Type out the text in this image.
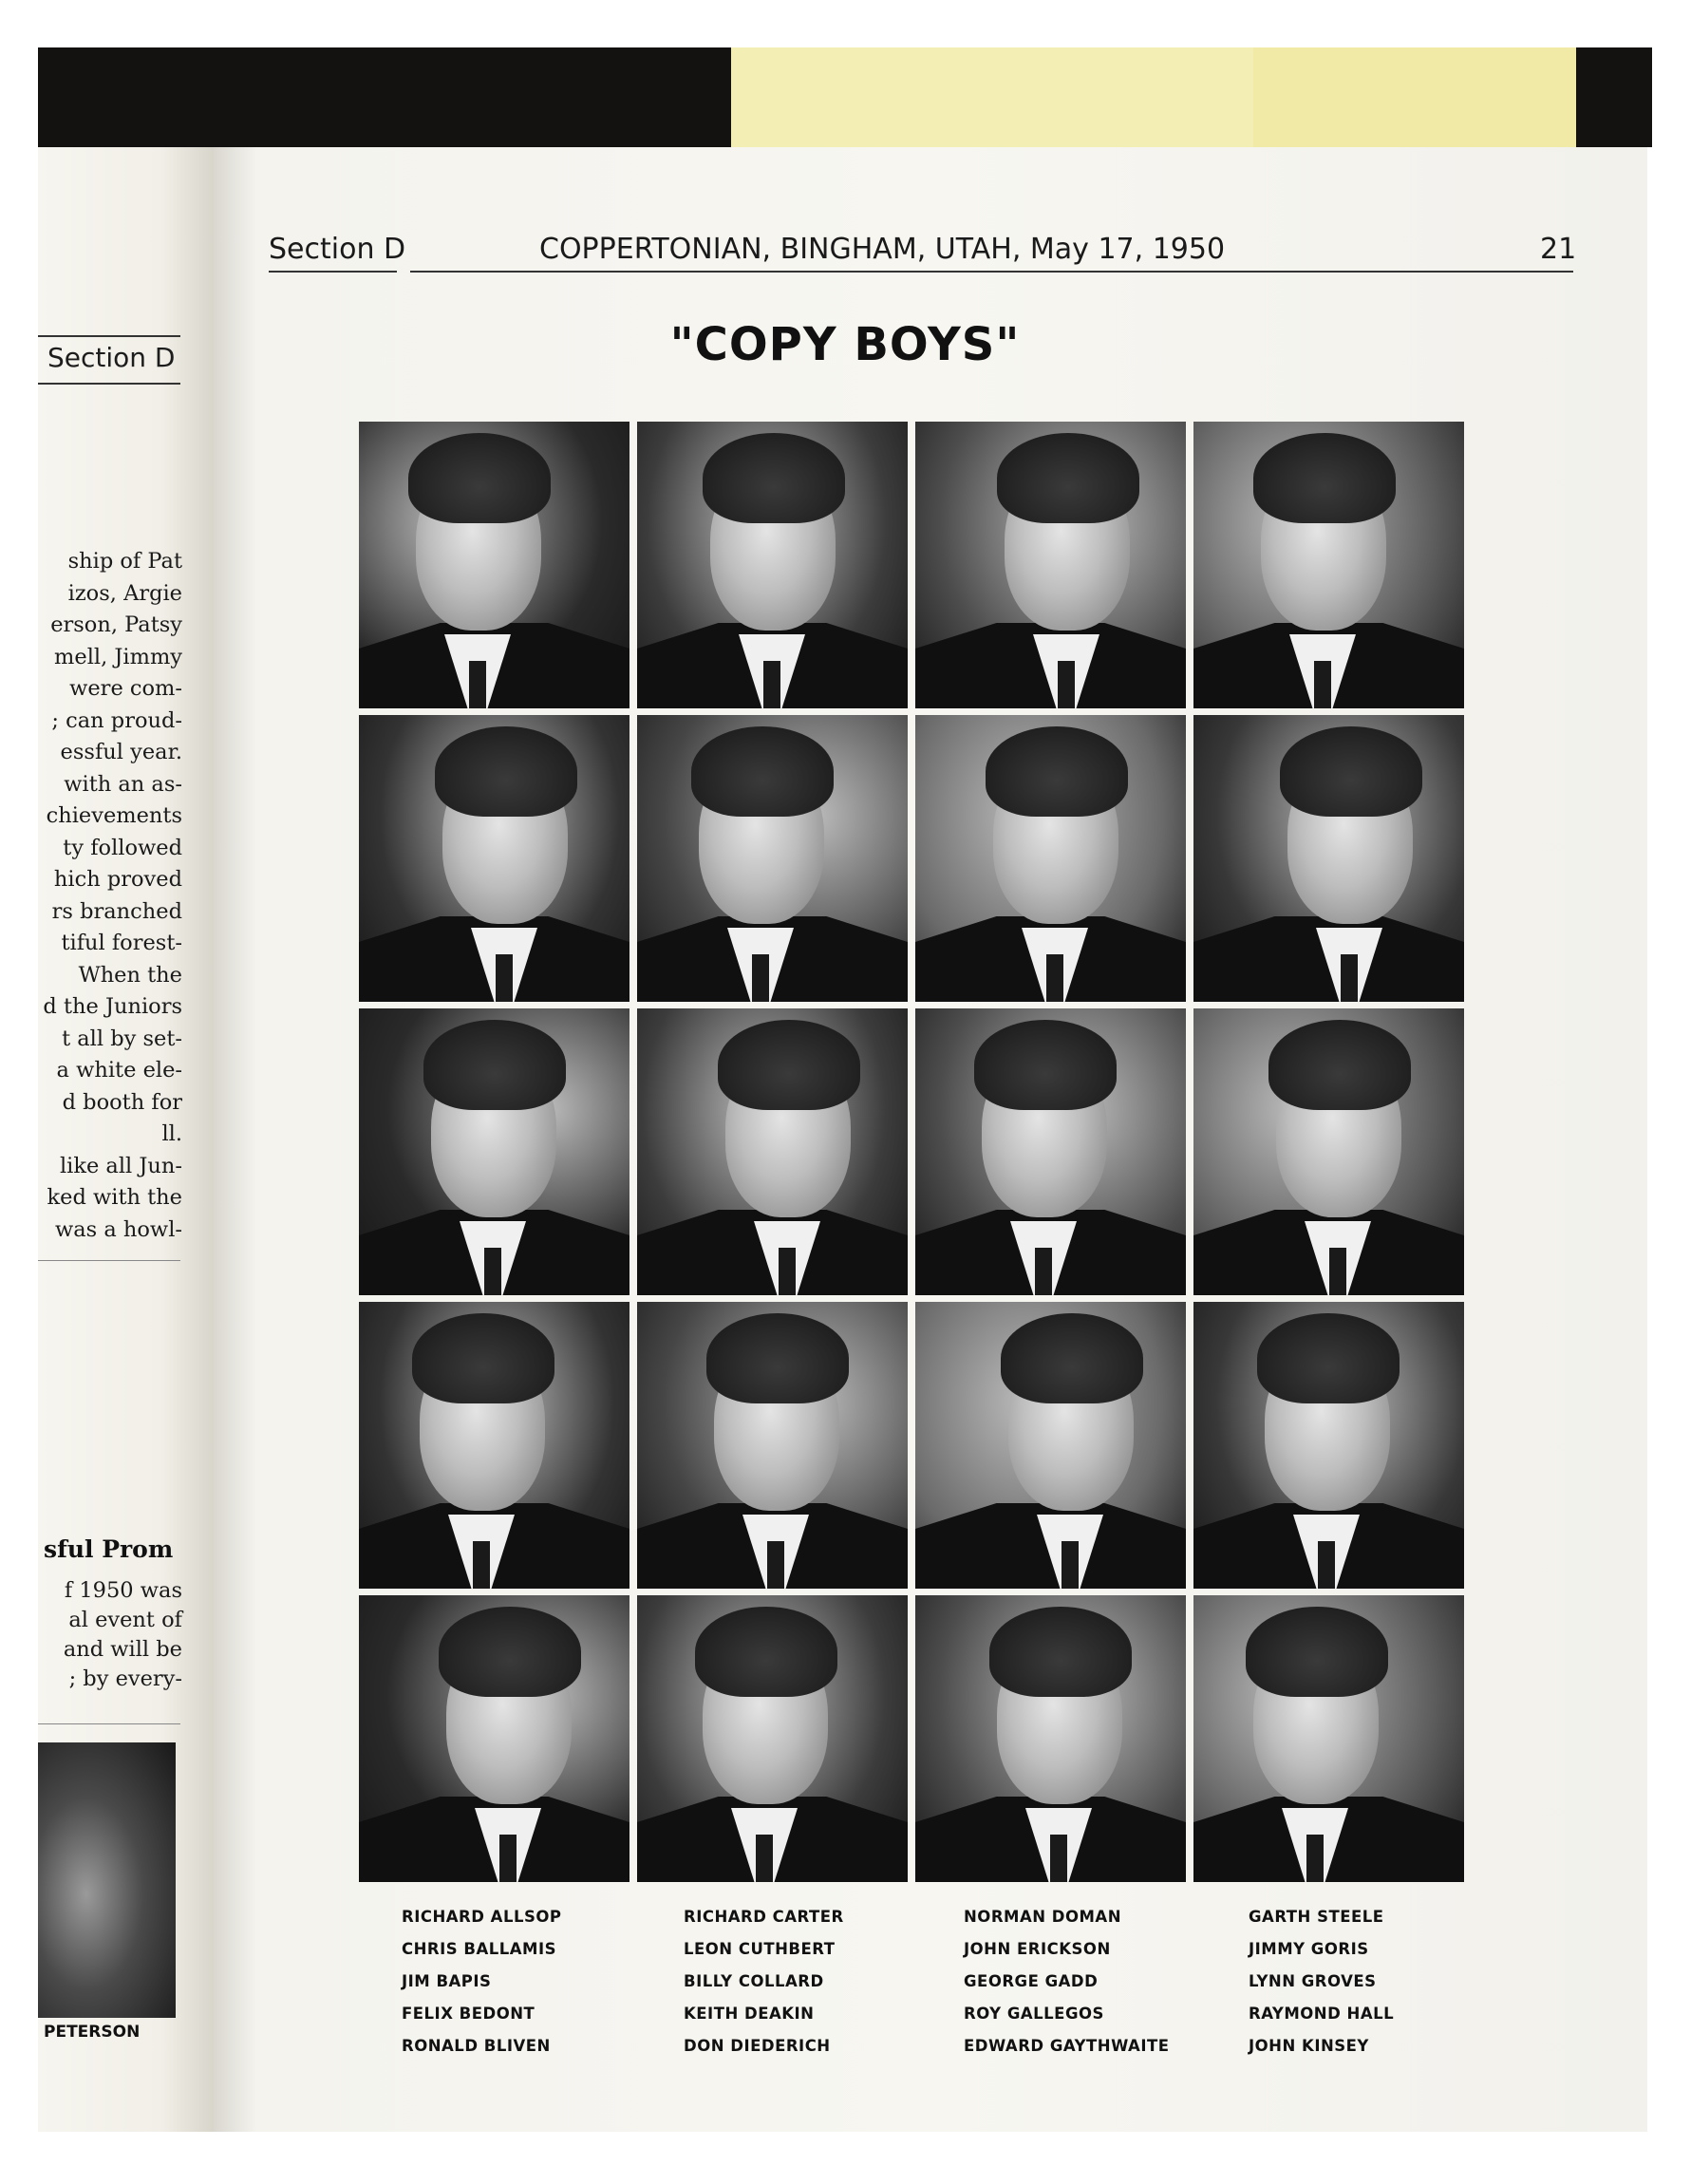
Section D
ship of Pat
izos, Argie
erson, Patsy
mell, Jimmy
were com-
; can proud-
essful year.
with an as-
chievements
ty followed
hich proved
rs branched
tiful forest-
When the
d the Juniors
t all by set-
a white ele-
d booth for
ll.
like all Jun-
ked with the
was a howl-
sful Prom
f 1950 was
al event of
and will be
; by every-
PETERSON
Section D	COPPERTONIAN, BINGHAM, UTAH, May 17, 1950	21
"COPY BOYS"
RICHARD ALLSOP
CHRIS BALLAMIS
JIM BAPIS
FELIX BEDONT
RONALD BLIVEN
RICHARD CARTER
LEON CUTHBERT
BILLY COLLARD
KEITH DEAKIN
DON DIEDERICH
NORMAN DOMAN
JOHN ERICKSON
GEORGE GADD
ROY GALLEGOS
EDWARD GAYTHWAITE
GARTH STEELE
JIMMY GORIS
LYNN GROVES
RAYMOND HALL
JOHN KINSEY
